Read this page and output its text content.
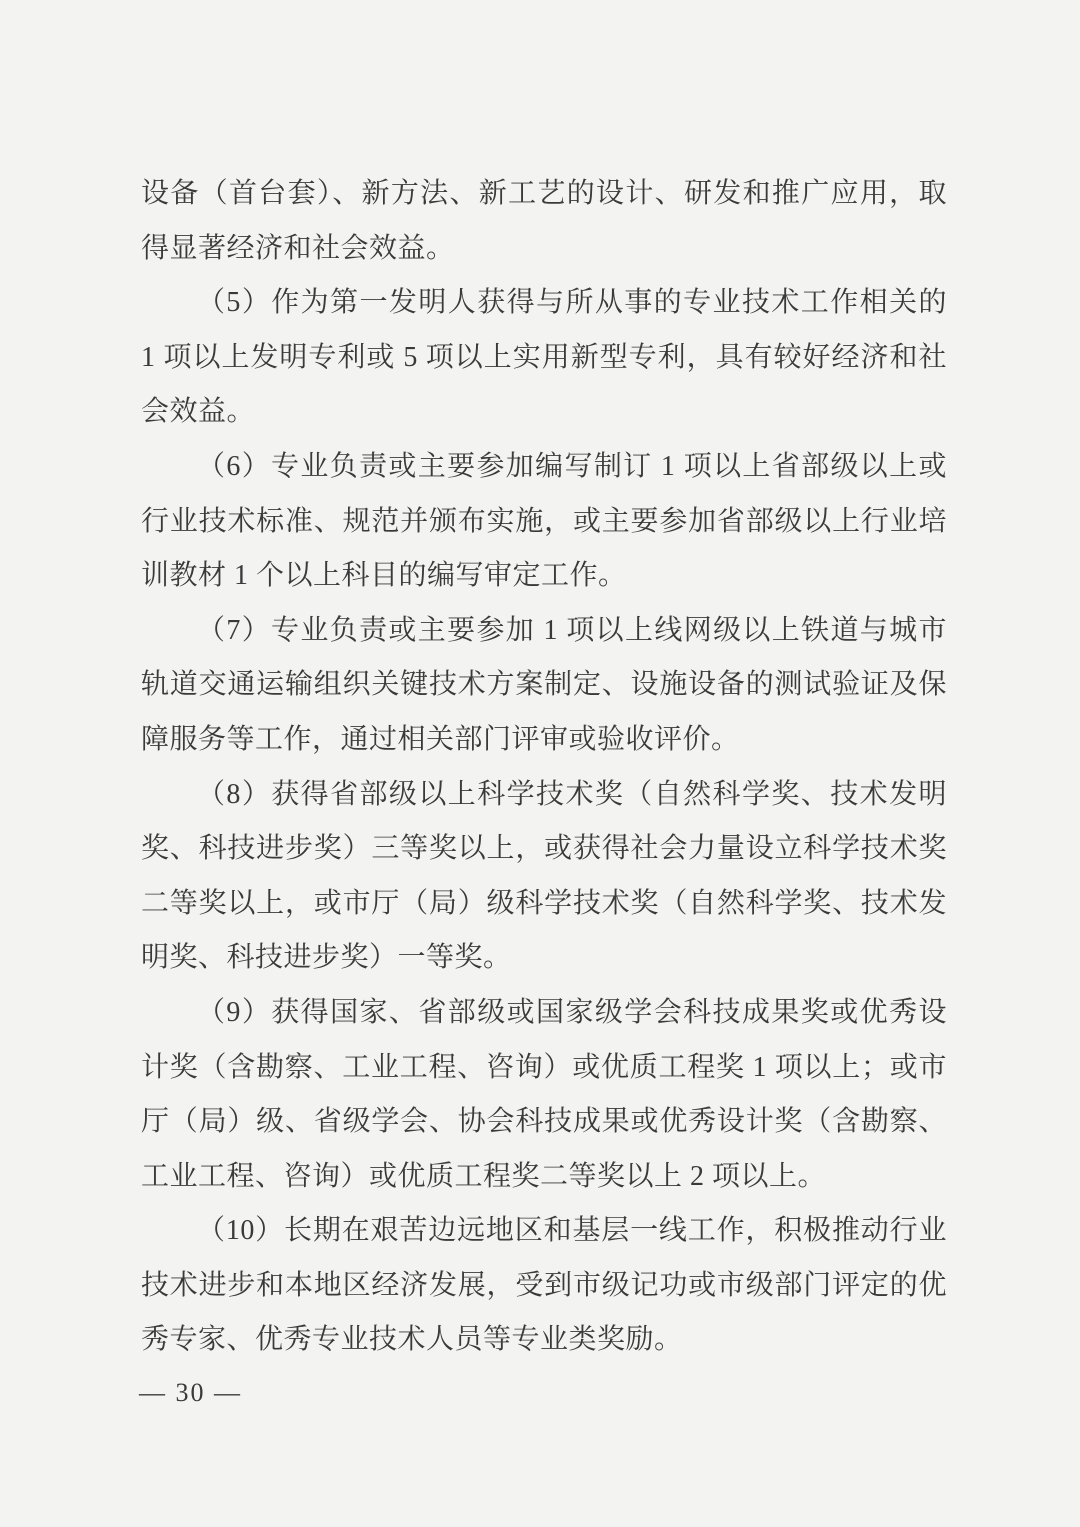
设备（首台套）、新方法、新工艺的设计、研发和推广应用，取
得显著经济和社会效益。
（5）作为第一发明人获得与所从事的专业技术工作相关的
1 项以上发明专利或 5 项以上实用新型专利，具有较好经济和社
会效益。
（6）专业负责或主要参加编写制订 1 项以上省部级以上或
行业技术标准、规范并颁布实施，或主要参加省部级以上行业培
训教材 1 个以上科目的编写审定工作。
（7）专业负责或主要参加 1 项以上线网级以上铁道与城市
轨道交通运输组织关键技术方案制定、设施设备的测试验证及保
障服务等工作，通过相关部门评审或验收评价。
（8）获得省部级以上科学技术奖（自然科学奖、技术发明
奖、科技进步奖）三等奖以上，或获得社会力量设立科学技术奖
二等奖以上，或市厅（局）级科学技术奖（自然科学奖、技术发
明奖、科技进步奖）一等奖。
（9）获得国家、省部级或国家级学会科技成果奖或优秀设
计奖（含勘察、工业工程、咨询）或优质工程奖 1 项以上；或市
厅（局）级、省级学会、协会科技成果或优秀设计奖（含勘察、
工业工程、咨询）或优质工程奖二等奖以上 2 项以上。
（10）长期在艰苦边远地区和基层一线工作，积极推动行业
技术进步和本地区经济发展，受到市级记功或市级部门评定的优
秀专家、优秀专业技术人员等专业类奖励。
— 30 —
